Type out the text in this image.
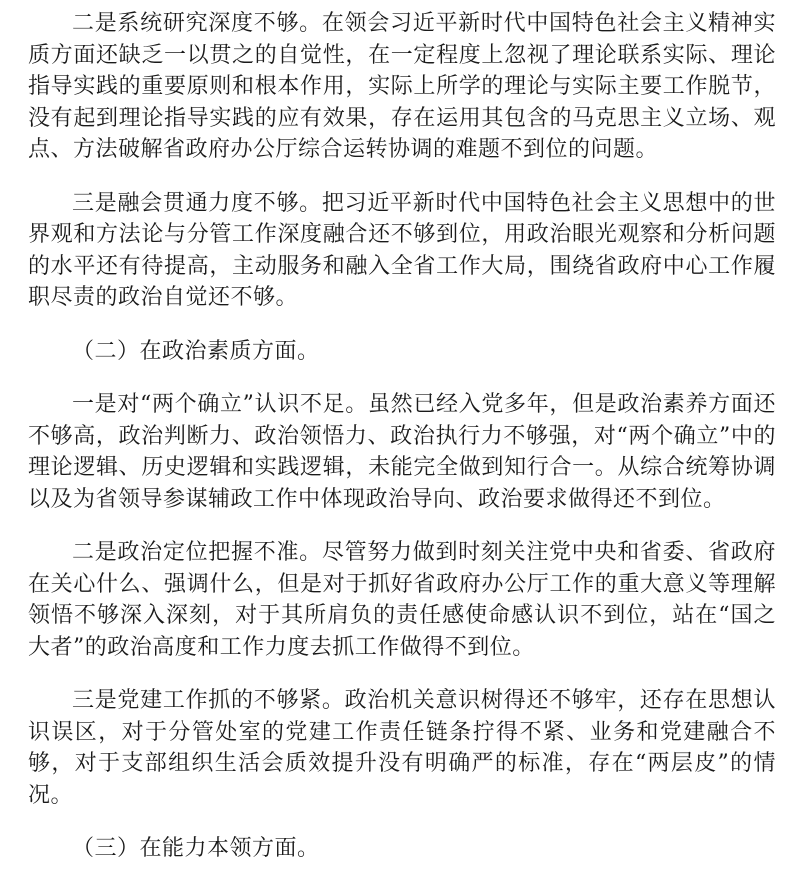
二是系统研究深度不够。在领会习近平新时代中国特色社会主义精神实质方面还缺乏一以贯之的自觉性，在一定程度上忽视了理论联系实际、理论指导实践的重要原则和根本作用，实际上所学的理论与实际主要工作脱节，没有起到理论指导实践的应有效果，存在运用其包含的马克思主义立场、观点、方法破解省政府办公厅综合运转协调的难题不到位的问题。

三是融会贯通力度不够。把习近平新时代中国特色社会主义思想中的世界观和方法论与分管工作深度融合还不够到位，用政治眼光观察和分析问题的水平还有待提高，主动服务和融入全省工作大局，围绕省政府中心工作履职尽责的政治自觉还不够。

（二）在政治素质方面。

一是对“两个确立”认识不足。虽然已经入党多年，但是政治素养方面还不够高，政治判断力、政治领悟力、政治执行力不够强，对“两个确立”中的理论逻辑、历史逻辑和实践逻辑，未能完全做到知行合一。从综合统筹协调以及为省领导参谋辅政工作中体现政治导向、政治要求做得还不到位。

二是政治定位把握不准。尽管努力做到时刻关注党中央和省委、省政府在关心什么、强调什么，但是对于抓好省政府办公厅工作的重大意义等理解领悟不够深入深刻，对于其所肩负的责任感使命感认识不到位，站在“国之大者”的政治高度和工作力度去抓工作做得不到位。

三是党建工作抓的不够紧。政治机关意识树得还不够牢，还存在思想认识误区，对于分管处室的党建工作责任链条拧得不紧、业务和党建融合不够，对于支部组织生活会质效提升没有明确严的标准，存在“两层皮”的情况。

（三）在能力本领方面。
